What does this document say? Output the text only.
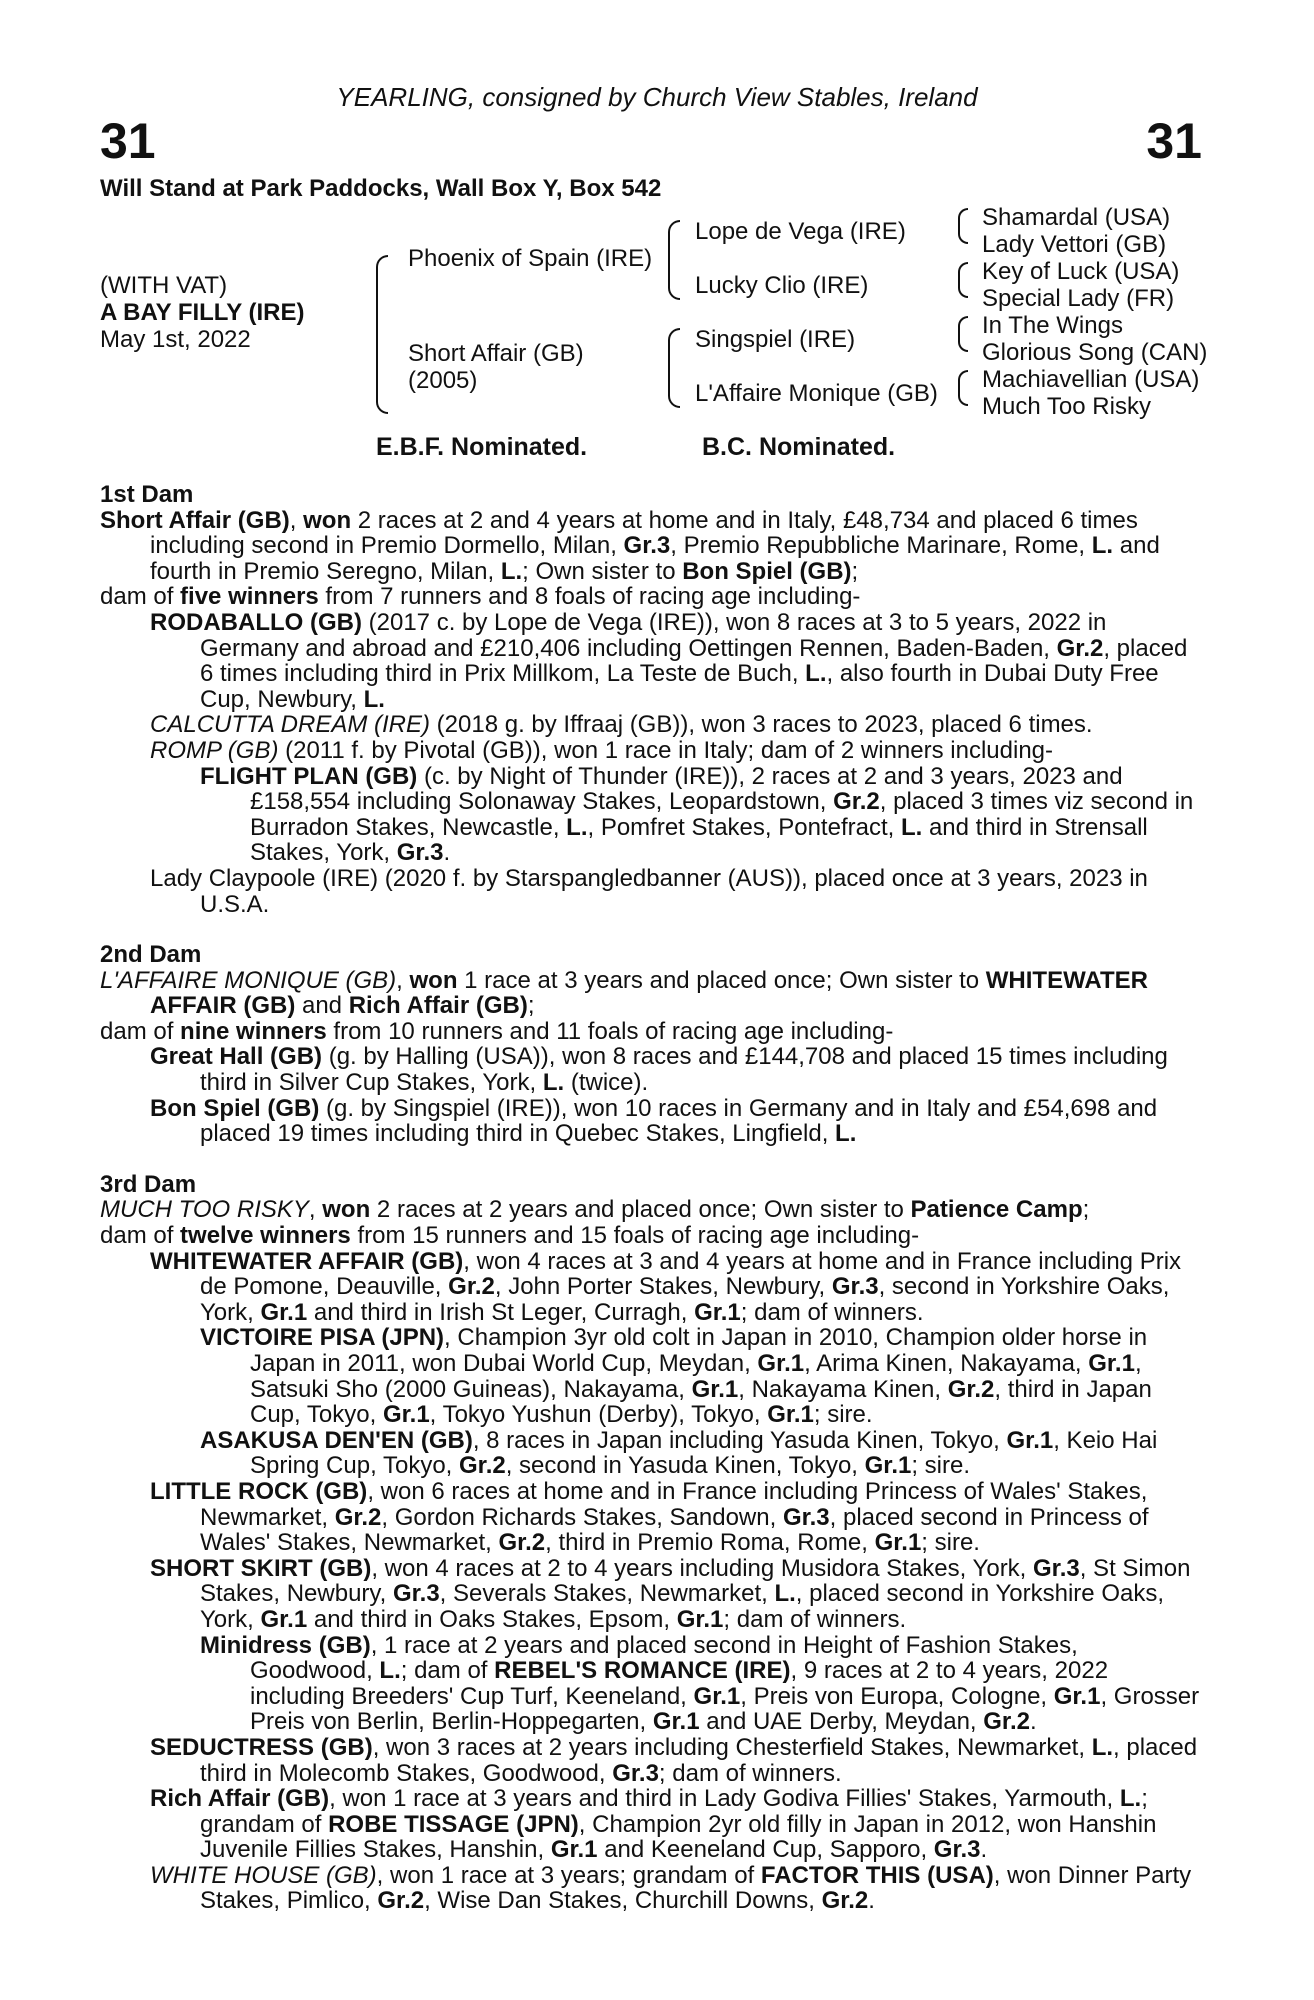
YEARLING, consigned by Church View Stables, Ireland
31	31
Will Stand at Park Paddocks, Wall Box Y, Box 542
(WITH VAT)
A BAY FILLY (IRE)
May 1st, 2022
Phoenix of Spain (IRE)
Short Affair (GB)
(2005)
Lope de Vega (IRE)
Lucky Clio (IRE)
Singspiel (IRE)
L'Affaire Monique (GB)
Shamardal (USA)
Lady Vettori (GB)
Key of Luck (USA)
Special Lady (FR)
In The Wings
Glorious Song (CAN)
Machiavellian (USA)
Much Too Risky
E.B.F. Nominated.	B.C. Nominated.

1st Dam

Short Affair (GB), won 2 races at 2 and 4 years at home and in Italy, £48,734 and placed 6 times including second in Premio Dormello, Milan, Gr.3, Premio Repubbliche Marinare, Rome, L. and fourth in Premio Seregno, Milan, L.; Own sister to Bon Spiel (GB);

dam of five winners from 7 runners and 8 foals of racing age including-

RODABALLO (GB) (2017 c. by Lope de Vega (IRE)), won 8 races at 3 to 5 years, 2022 in Germany and abroad and £210,406 including Oettingen Rennen, Baden-Baden, Gr.2, placed 6 times including third in Prix Millkom, La Teste de Buch, L., also fourth in Dubai Duty Free Cup, Newbury, L.

CALCUTTA DREAM (IRE) (2018 g. by Iffraaj (GB)), won 3 races to 2023, placed 6 times.

ROMP (GB) (2011 f. by Pivotal (GB)), won 1 race in Italy; dam of 2 winners including-

FLIGHT PLAN (GB) (c. by Night of Thunder (IRE)), 2 races at 2 and 3 years, 2023 and £158,554 including Solonaway Stakes, Leopardstown, Gr.2, placed 3 times viz second in Burradon Stakes, Newcastle, L., Pomfret Stakes, Pontefract, L. and third in Strensall Stakes, York, Gr.3.

Lady Claypoole (IRE) (2020 f. by Starspangledbanner (AUS)), placed once at 3 years, 2023 in U.S.A.

2nd Dam

L'AFFAIRE MONIQUE (GB), won 1 race at 3 years and placed once; Own sister to WHITEWATER AFFAIR (GB) and Rich Affair (GB);

dam of nine winners from 10 runners and 11 foals of racing age including-

Great Hall (GB) (g. by Halling (USA)), won 8 races and £144,708 and placed 15 times including third in Silver Cup Stakes, York, L. (twice).

Bon Spiel (GB) (g. by Singspiel (IRE)), won 10 races in Germany and in Italy and £54,698 and placed 19 times including third in Quebec Stakes, Lingfield, L.

3rd Dam

MUCH TOO RISKY, won 2 races at 2 years and placed once; Own sister to Patience Camp;

dam of twelve winners from 15 runners and 15 foals of racing age including-

WHITEWATER AFFAIR (GB), won 4 races at 3 and 4 years at home and in France including Prix de Pomone, Deauville, Gr.2, John Porter Stakes, Newbury, Gr.3, second in Yorkshire Oaks, York, Gr.1 and third in Irish St Leger, Curragh, Gr.1; dam of winners.

VICTOIRE PISA (JPN), Champion 3yr old colt in Japan in 2010, Champion older horse in Japan in 2011, won Dubai World Cup, Meydan, Gr.1, Arima Kinen, Nakayama, Gr.1, Satsuki Sho (2000 Guineas), Nakayama, Gr.1, Nakayama Kinen, Gr.2, third in Japan Cup, Tokyo, Gr.1, Tokyo Yushun (Derby), Tokyo, Gr.1; sire.

ASAKUSA DEN'EN (GB), 8 races in Japan including Yasuda Kinen, Tokyo, Gr.1, Keio Hai Spring Cup, Tokyo, Gr.2, second in Yasuda Kinen, Tokyo, Gr.1; sire.

LITTLE ROCK (GB), won 6 races at home and in France including Princess of Wales' Stakes, Newmarket, Gr.2, Gordon Richards Stakes, Sandown, Gr.3, placed second in Princess of Wales' Stakes, Newmarket, Gr.2, third in Premio Roma, Rome, Gr.1; sire.

SHORT SKIRT (GB), won 4 races at 2 to 4 years including Musidora Stakes, York, Gr.3, St Simon Stakes, Newbury, Gr.3, Severals Stakes, Newmarket, L., placed second in Yorkshire Oaks, York, Gr.1 and third in Oaks Stakes, Epsom, Gr.1; dam of winners.

Minidress (GB), 1 race at 2 years and placed second in Height of Fashion Stakes, Goodwood, L.; dam of REBEL'S ROMANCE (IRE), 9 races at 2 to 4 years, 2022 including Breeders' Cup Turf, Keeneland, Gr.1, Preis von Europa, Cologne, Gr.1, Grosser Preis von Berlin, Berlin-Hoppegarten, Gr.1 and UAE Derby, Meydan, Gr.2.

SEDUCTRESS (GB), won 3 races at 2 years including Chesterfield Stakes, Newmarket, L., placed third in Molecomb Stakes, Goodwood, Gr.3; dam of winners.

Rich Affair (GB), won 1 race at 3 years and third in Lady Godiva Fillies' Stakes, Yarmouth, L.; grandam of ROBE TISSAGE (JPN), Champion 2yr old filly in Japan in 2012, won Hanshin Juvenile Fillies Stakes, Hanshin, Gr.1 and Keeneland Cup, Sapporo, Gr.3.

WHITE HOUSE (GB), won 1 race at 3 years; grandam of FACTOR THIS (USA), won Dinner Party Stakes, Pimlico, Gr.2, Wise Dan Stakes, Churchill Downs, Gr.2.
